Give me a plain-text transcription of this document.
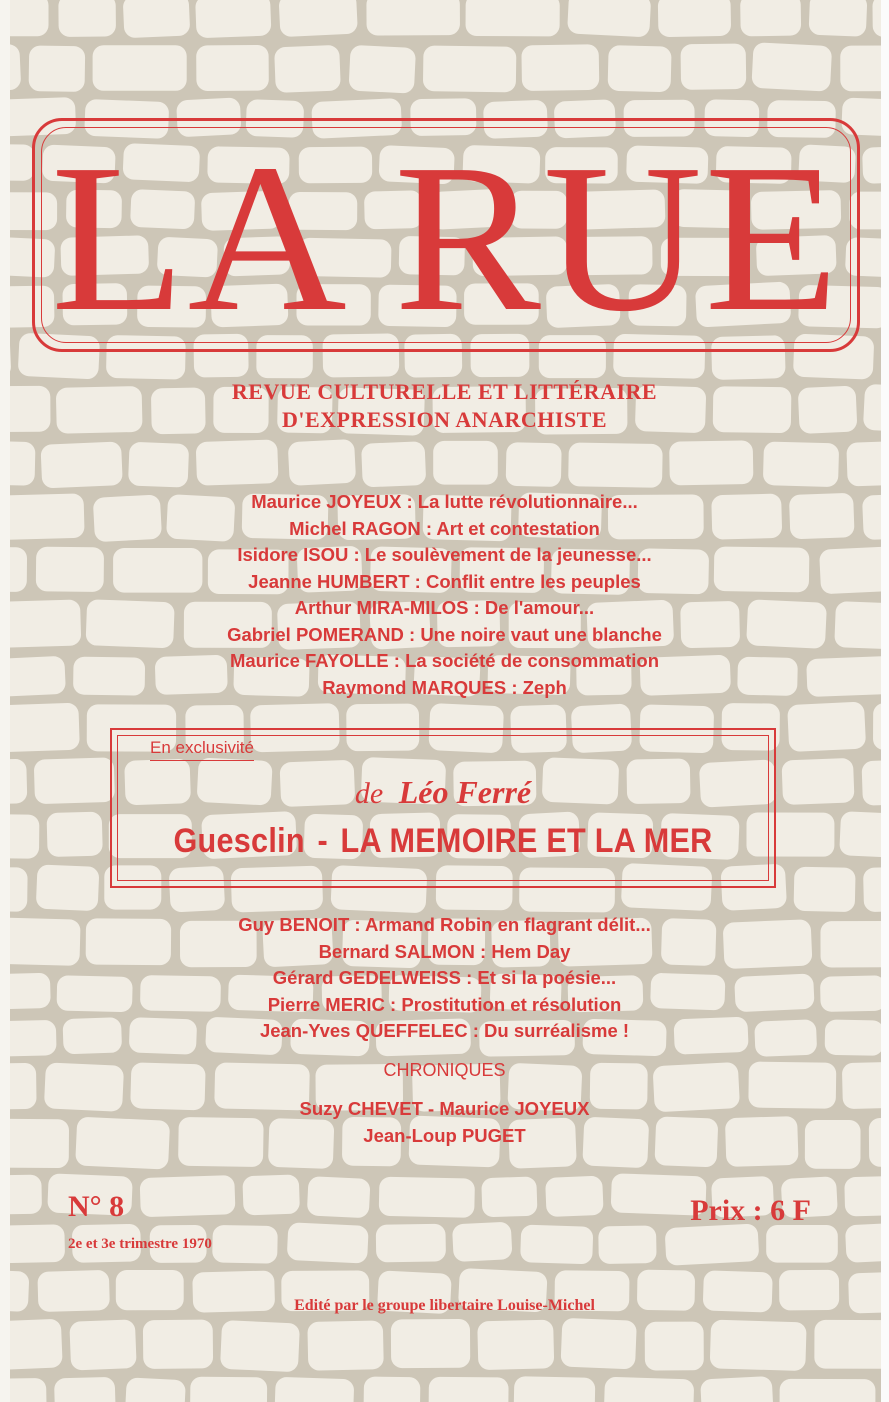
LA RUE
REVUE CULTURELLE ET LITTÉRAIRE
D'EXPRESSION ANARCHISTE
Maurice JOYEUX : La lutte révolutionnaire...
Michel RAGON : Art et contestation
Isidore ISOU : Le soulèvement de la jeunesse...
Jeanne HUMBERT : Conflit entre les peuples
Arthur MIRA-MILOS : De l'amour...
Gabriel POMERAND : Une noire vaut une blanche
Maurice FAYOLLE : La société de consommation
Raymond MARQUES : Zeph
En exclusivité
de Léo Ferré
Guesclin - LA MEMOIRE ET LA MER
Guy BENOIT : Armand Robin en flagrant délit...
Bernard SALMON : Hem Day
Gérard GEDELWEISS : Et si la poésie...
Pierre MERIC : Prostitution et résolution
Jean-Yves QUEFFELEC : Du surréalisme !
CHRONIQUES
Suzy CHEVET - Maurice JOYEUX
Jean-Loup PUGET
N° 8
2e et 3e trimestre 1970
Prix : 6 F
Edité par le groupe libertaire Louise-Michel
